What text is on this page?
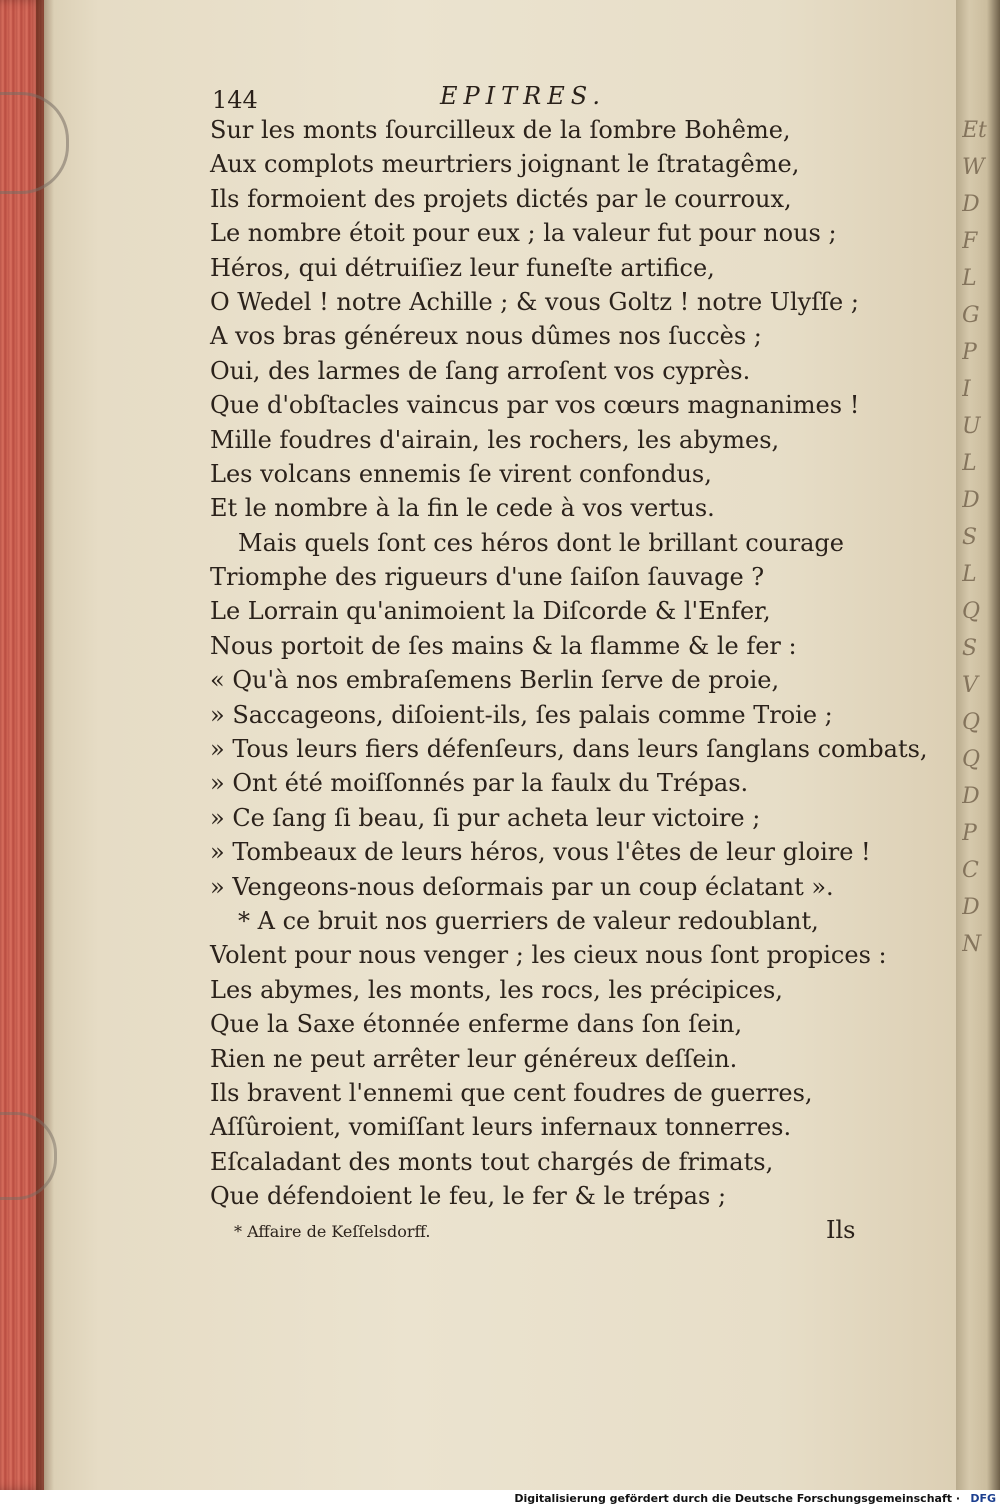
Et
W
D
F
L
G
P
I
U
L
D
S
L
Q
S
V
Q
Q
D
P
C
D
N
144	EPITRES.
Sur les monts ſourcilleux de la ſombre Bohême,
Aux complots meurtriers joignant le ſtratagême,
Ils formoient des projets dictés par le courroux,
Le nombre étoit pour eux ; la valeur fut pour nous ;
Héros, qui détruiſiez leur funeſte artifice,
O Wedel ! notre Achille ; & vous Goltz ! notre Ulyſſe ;
A vos bras généreux nous dûmes nos ſuccès ;
Oui, des larmes de ſang arroſent vos cyprès.
Que d'obſtacles vaincus par vos cœurs magnanimes !
Mille foudres d'airain, les rochers, les abymes,
Les volcans ennemis ſe virent confondus,
Et le nombre à la fin le cede à vos vertus.
Mais quels ſont ces héros dont le brillant courage
Triomphe des rigueurs d'une ſaiſon ſauvage ?
Le Lorrain qu'animoient la Diſcorde & l'Enfer,
Nous portoit de ſes mains & la flamme & le fer :
« Qu'à nos embraſemens Berlin ſerve de proie,
» Saccageons, diſoient-ils, ſes palais comme Troie ;
» Tous leurs fiers défenſeurs, dans leurs ſanglans combats,
» Ont été moiſſonnés par la faulx du Trépas.
» Ce ſang ſi beau, ſi pur acheta leur victoire ;
» Tombeaux de leurs héros, vous l'êtes de leur gloire !
» Vengeons-nous deſormais par un coup éclatant ».
* A ce bruit nos guerriers de valeur redoublant,
Volent pour nous venger ; les cieux nous ſont propices :
Les abymes, les monts, les rocs, les précipices,
Que la Saxe étonnée enferme dans ſon ſein,
Rien ne peut arrêter leur généreux deſſein.
Ils bravent l'ennemi que cent foudres de guerres,
Aſſûroient, vomiſſant leurs infernaux tonnerres.
Eſcaladant des monts tout chargés de frimats,
Que défendoient le feu, le fer & le trépas ;
* Affaire de Keſſelsdorff.	Ils
Digitalisierung gefördert durch die Deutsche Forschungsgemeinschaft · DFG
